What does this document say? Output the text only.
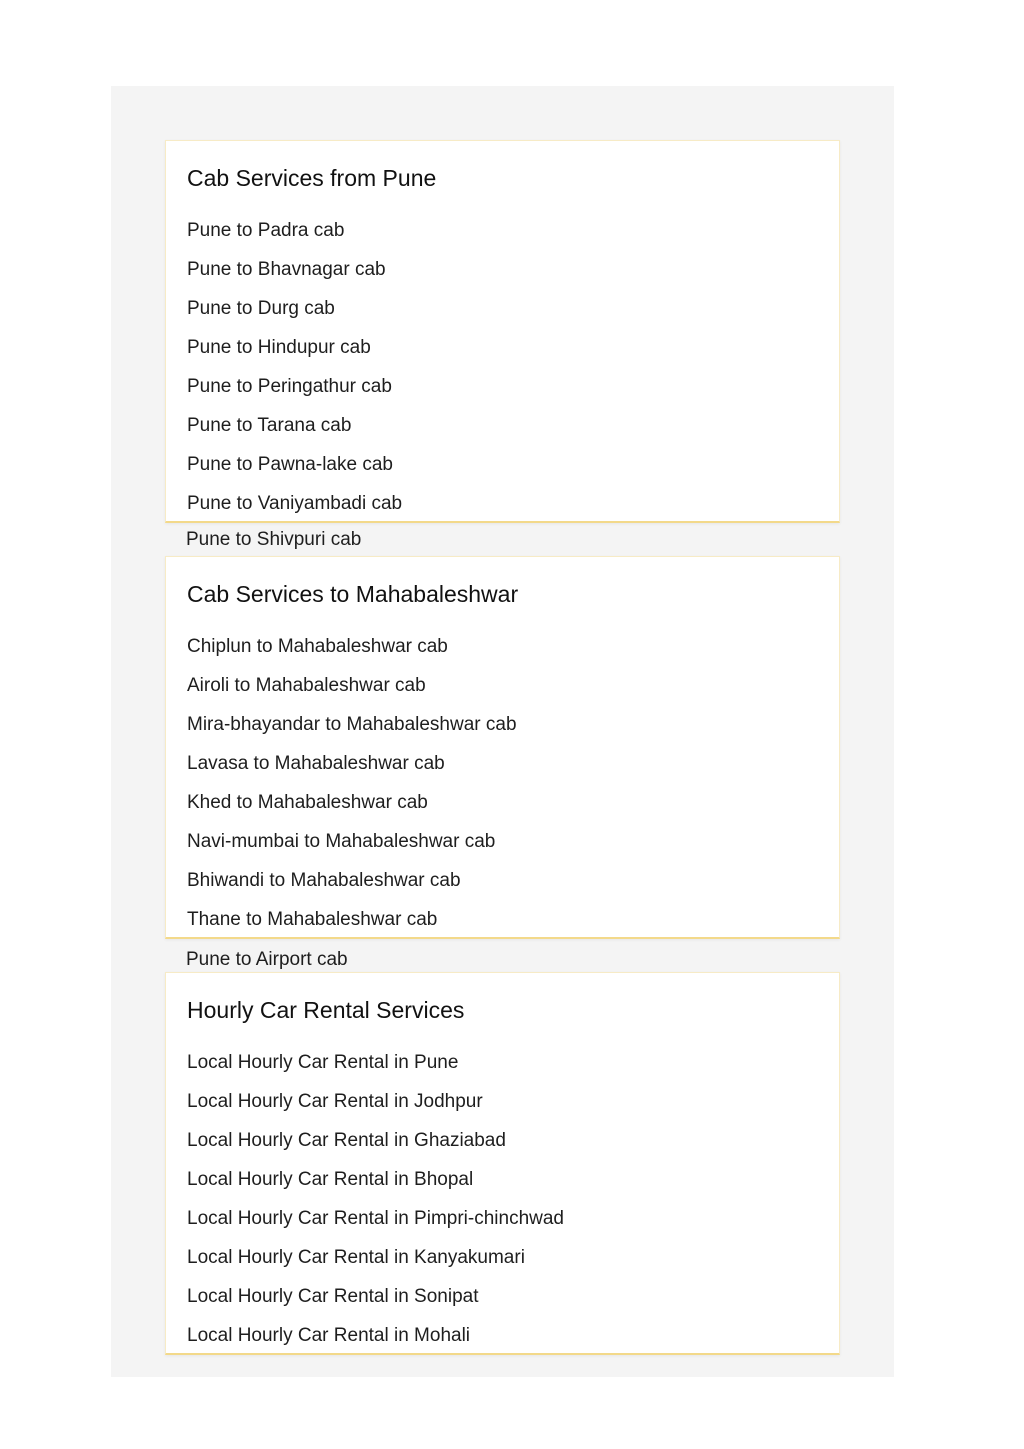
Cab Services from Pune
Pune to Padra cab
Pune to Bhavnagar cab
Pune to Durg cab
Pune to Hindupur cab
Pune to Peringathur cab
Pune to Tarana cab
Pune to Pawna-lake cab
Pune to Vaniyambadi cab
Pune to Shivpuri cab
Cab Services to Mahabaleshwar
Chiplun to Mahabaleshwar cab
Airoli to Mahabaleshwar cab
Mira-bhayandar to Mahabaleshwar cab
Lavasa to Mahabaleshwar cab
Khed to Mahabaleshwar cab
Navi-mumbai to Mahabaleshwar cab
Bhiwandi to Mahabaleshwar cab
Thane to Mahabaleshwar cab
Pune to Airport cab
Hourly Car Rental Services
Local Hourly Car Rental in Pune
Local Hourly Car Rental in Jodhpur
Local Hourly Car Rental in Ghaziabad
Local Hourly Car Rental in Bhopal
Local Hourly Car Rental in Pimpri-chinchwad
Local Hourly Car Rental in Kanyakumari
Local Hourly Car Rental in Sonipat
Local Hourly Car Rental in Mohali
